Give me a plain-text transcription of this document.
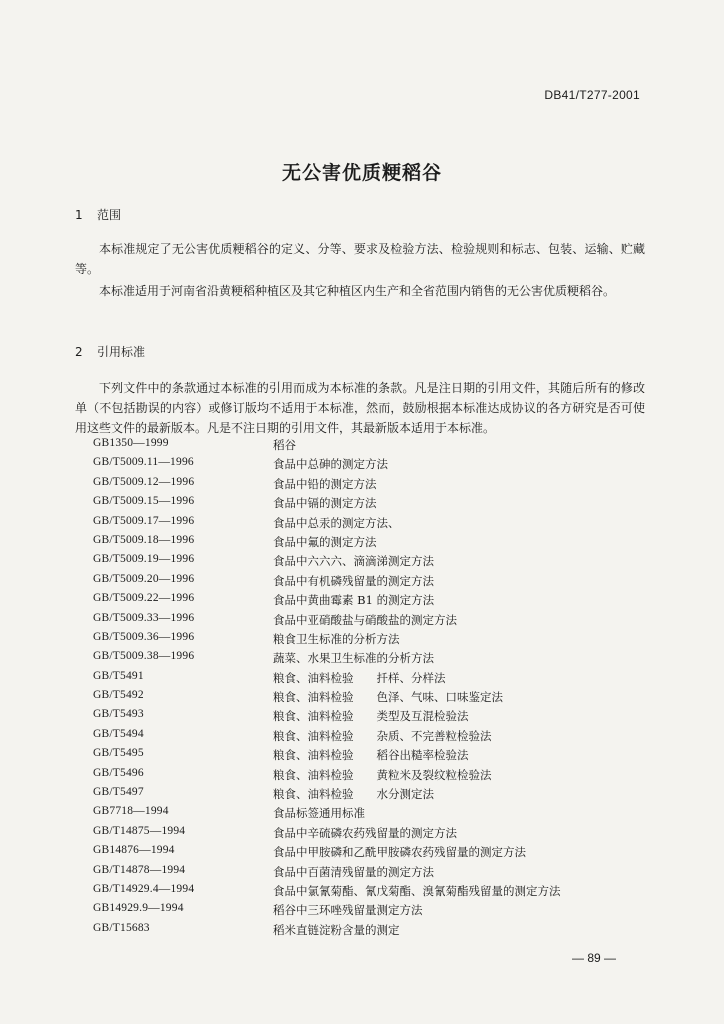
DB41/T277-2001
无公害优质粳稻谷
1 范围

本标准规定了无公害优质粳稻谷的定义、分等、要求及检验方法、检验规则和标志、包装、运输、贮藏等。

本标准适用于河南省沿黄粳稻种植区及其它种植区内生产和全省范围内销售的无公害优质粳稻谷。

2 引用标准

下列文件中的条款通过本标准的引用而成为本标准的条款。凡是注日期的引用文件，其随后所有的修改单（不包括勘误的内容）或修订版均不适用于本标准，然而，鼓励根据本标准达成协议的各方研究是否可使用这些文件的最新版本。凡是不注日期的引用文件，其最新版本适用于本标准。

GB1350—1999	稻谷
GB/T5009.11—1996	食品中总砷的测定方法
GB/T5009.12—1996	食品中铅的测定方法
GB/T5009.15—1996	食品中镉的测定方法
GB/T5009.17—1996	食品中总汞的测定方法、
GB/T5009.18—1996	食品中氟的测定方法
GB/T5009.19—1996	食品中六六六、滴滴涕测定方法
GB/T5009.20—1996	食品中有机磷残留量的测定方法
GB/T5009.22—1996	食品中黄曲霉素 B1 的测定方法
GB/T5009.33—1996	食品中亚硝酸盐与硝酸盐的测定方法
GB/T5009.36—1996	粮食卫生标准的分析方法
GB/T5009.38—1996	蔬菜、水果卫生标准的分析方法
GB/T5491	粮食、油料检验　　扦样、分样法
GB/T5492	粮食、油料检验　　色泽、气味、口味鉴定法
GB/T5493	粮食、油料检验　　类型及互混检验法
GB/T5494	粮食、油料检验　　杂质、不完善粒检验法
GB/T5495	粮食、油料检验　　稻谷出糙率检验法
GB/T5496	粮食、油料检验　　黄粒米及裂纹粒检验法
GB/T5497	粮食、油料检验　　水分测定法
GB7718—1994	食品标签通用标准
GB/T14875—1994	食品中辛硫磷农药残留量的测定方法
GB14876—1994	食品中甲胺磷和乙酰甲胺磷农药残留量的测定方法
GB/T14878—1994	食品中百菌清残留量的测定方法
GB/T14929.4—1994	食品中氯氰菊酯、氰戊菊酯、溴氰菊酯残留量的测定方法
GB14929.9—1994	稻谷中三环唑残留量测定方法
GB/T15683	稻米直链淀粉含量的测定
— 89 —
